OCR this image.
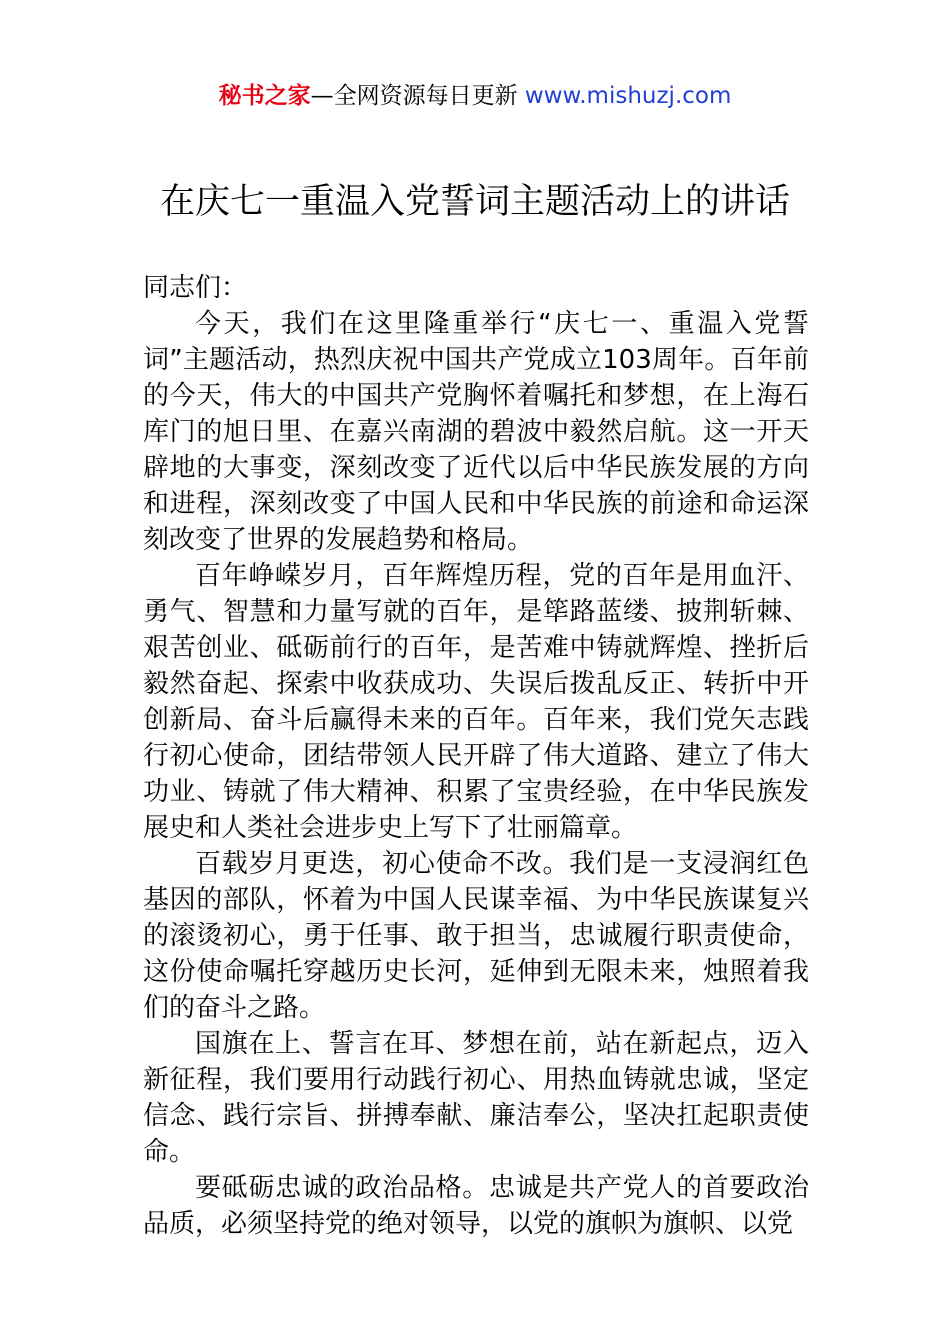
秘书之家—全网资源每日更新 www.mishuzj.com
在庆七一重温入党誓词主题活动上的讲话

同志们：

今天，我们在这里隆重举行“庆七一、重温入党誓词”主题活动，热烈庆祝中国共产党成立103周年。百年前的今天，伟大的中国共产党胸怀着嘱托和梦想，在上海石库门的旭日里、在嘉兴南湖的碧波中毅然启航。这一开天辟地的大事变，深刻改变了近代以后中华民族发展的方向和进程，深刻改变了中国人民和中华民族的前途和命运深刻改变了世界的发展趋势和格局。

百年峥嵘岁月，百年辉煌历程，党的百年是用血汗、勇气、智慧和力量写就的百年，是筚路蓝缕、披荆斩棘、艰苦创业、砥砺前行的百年，是苦难中铸就辉煌、挫折后毅然奋起、探索中收获成功、失误后拨乱反正、转折中开创新局、奋斗后赢得未来的百年。百年来，我们党矢志践行初心使命，团结带领人民开辟了伟大道路、建立了伟大功业、铸就了伟大精神、积累了宝贵经验，在中华民族发展史和人类社会进步史上写下了壮丽篇章。

百载岁月更迭，初心使命不改。我们是一支浸润红色基因的部队，怀着为中国人民谋幸福、为中华民族谋复兴的滚烫初心，勇于任事、敢于担当，忠诚履行职责使命，这份使命嘱托穿越历史长河，延伸到无限未来，烛照着我们的奋斗之路。

国旗在上、誓言在耳、梦想在前，站在新起点，迈入新征程，我们要用行动践行初心、用热血铸就忠诚，坚定信念、践行宗旨、拼搏奉献、廉洁奉公，坚决扛起职责使命。

要砥砺忠诚的政治品格。忠诚是共产党人的首要政治品质，必须坚持党的绝对领导，以党的旗帜为旗帜、以党
